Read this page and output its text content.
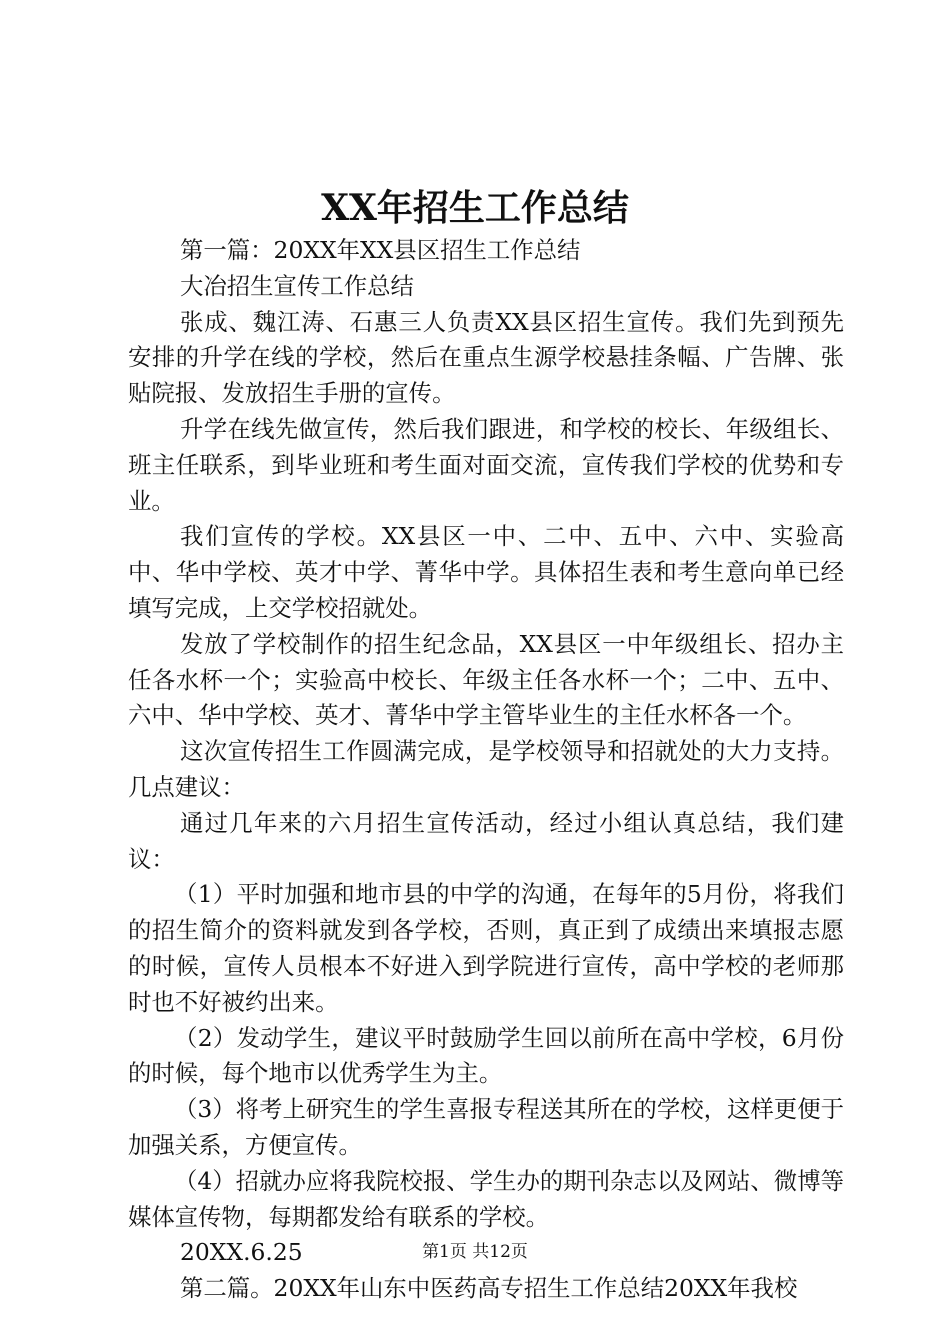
XX年招生工作总结

第一篇：20XX年XX县区招生工作总结

大冶招生宣传工作总结

张成、魏江涛、石惠三人负责XX县区招生宣传。我们先到预先安排的升学在线的学校，然后在重点生源学校悬挂条幅、广告牌、张贴院报、发放招生手册的宣传。

升学在线先做宣传，然后我们跟进，和学校的校长、年级组长、班主任联系，到毕业班和考生面对面交流，宣传我们学校的优势和专业。

我们宣传的学校。XX县区一中、二中、五中、六中、实验高中、华中学校、英才中学、菁华中学。具体招生表和考生意向单已经填写完成，上交学校招就处。

发放了学校制作的招生纪念品，XX县区一中年级组长、招办主任各水杯一个；实验高中校长、年级主任各水杯一个；二中、五中、六中、华中学校、英才、菁华中学主管毕业生的主任水杯各一个。

这次宣传招生工作圆满完成，是学校领导和招就处的大力支持。几点建议：

通过几年来的六月招生宣传活动，经过小组认真总结，我们建议：

（1）平时加强和地市县的中学的沟通，在每年的5月份，将我们的招生简介的资料就发到各学校，否则，真正到了成绩出来填报志愿的时候，宣传人员根本不好进入到学院进行宣传，高中学校的老师那时也不好被约出来。

（2）发动学生，建议平时鼓励学生回以前所在高中学校，6月份的时候，每个地市以优秀学生为主。

（3）将考上研究生的学生喜报专程送其所在的学校，这样更便于加强关系，方便宣传。

（4）招就办应将我院校报、学生办的期刊杂志以及网站、微博等媒体宣传物，每期都发给有联系的学校。

20XX.6.25

第二篇。20XX年山东中医药高专招生工作总结20XX年我校

第1页 共12页
